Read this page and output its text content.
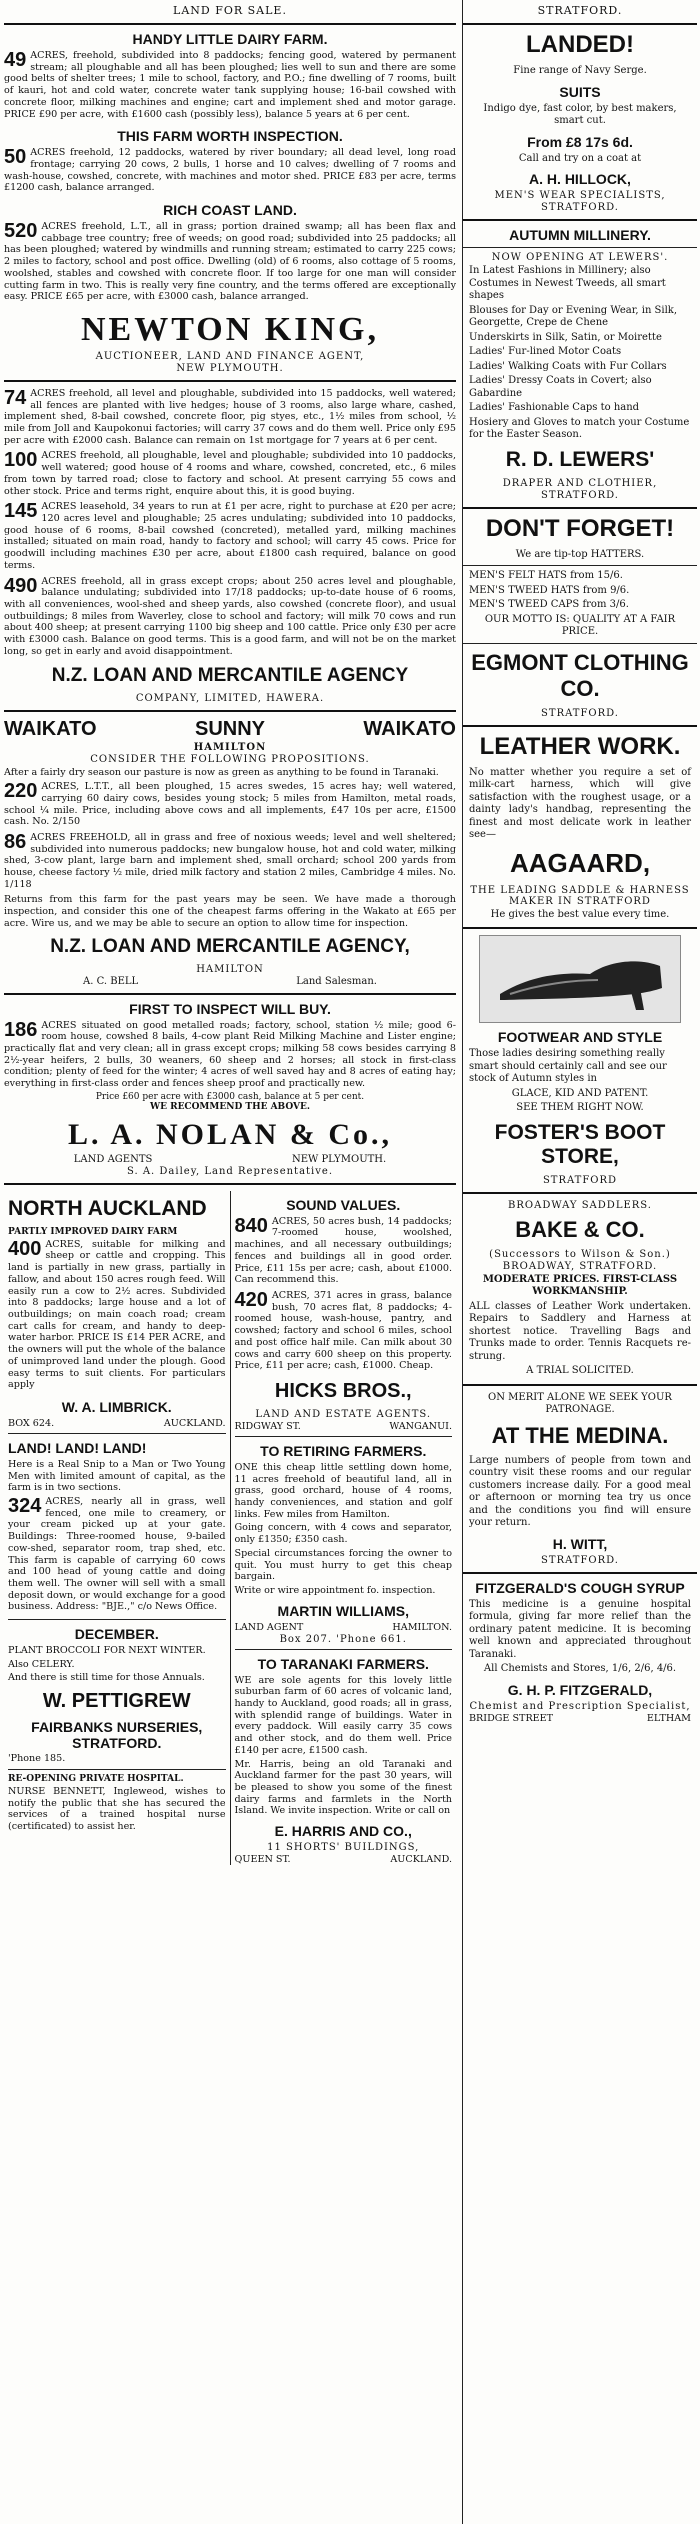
LAND FOR SALE.
HANDY LITTLE DAIRY FARM.

49 ACRES, freehold, subdivided into 8 paddocks; fencing good, watered by permanent stream; all ploughable and all has been ploughed; lies well to sun and there are some good belts of shelter trees; 1 mile to school, factory, and P.O.; fine dwelling of 7 rooms, built of kauri, hot and cold water, concrete water tank supplying house; 16-bail cowshed with concrete floor, milking machines and engine; cart and implement shed and motor garage. PRICE £90 per acre, with £1600 cash (possibly less), balance 5 years at 6 per cent.

THIS FARM WORTH INSPECTION.

50 ACRES freehold, 12 paddocks, watered by river boundary; all dead level, long road frontage; carrying 20 cows, 2 bulls, 1 horse and 10 calves; dwelling of 7 rooms and wash-house, cowshed, concrete, with machines and motor shed. PRICE £83 per acre, terms £1200 cash, balance arranged.

RICH COAST LAND.

520 ACRES freehold, L.T., all in grass; portion drained swamp; all has been flax and cabbage tree country; free of weeds; on good road; subdivided into 25 paddocks; all has been ploughed; watered by windmills and running stream; estimated to carry 225 cows; 2 miles to factory, school and post office. Dwelling (old) of 6 rooms, also cottage of 5 rooms, woolshed, stables and cowshed with concrete floor. If too large for one man will consider cutting farm in two. This is really very fine country, and the terms offered are exceptionally easy. PRICE £65 per acre, with £3000 cash, balance arranged.

NEWTON KING,
AUCTIONEER, LAND AND FINANCE AGENT,
NEW PLYMOUTH.

74 ACRES freehold, all level and ploughable, subdivided into 15 paddocks, well watered; all fences are planted with live hedges; house of 3 rooms, also large whare, cashed, implement shed, 8-bail cowshed, concrete floor, pig styes, etc., 1½ miles from school, ½ mile from Joll and Kaupokonui factories; will carry 37 cows and do them well. Price only £95 per acre with £2000 cash. Balance can remain on 1st mortgage for 7 years at 6 per cent.

100 ACRES freehold, all ploughable, level and ploughable; subdivided into 10 paddocks, well watered; good house of 4 rooms and whare, cowshed, concreted, etc., 6 miles from town by tarred road; close to factory and school. At present carrying 55 cows and other stock. Price and terms right, enquire about this, it is good buying.

145 ACRES leasehold, 34 years to run at £1 per acre, right to purchase at £20 per acre; 120 acres level and ploughable; 25 acres undulating; subdivided into 10 paddocks, good house of 6 rooms, 8-bail cowshed (concreted), metalled yard, milking machines installed; situated on main road, handy to factory and school; will carry 45 cows. Price for goodwill including machines £30 per acre, about £1800 cash required, balance on good terms.

490 ACRES freehold, all in grass except crops; about 250 acres level and ploughable, balance undulating; subdivided into 17/18 paddocks; up-to-date house of 6 rooms, with all conveniences, wool-shed and sheep yards, also cowshed (concrete floor), and usual outbuildings; 8 miles from Waverley, close to school and factory; will milk 70 cows and run about 400 sheep; at present carrying 1100 big sheep and 100 cattle. Price only £30 per acre with £3000 cash. Balance on good terms. This is a good farm, and will not be on the market long, so get in early and avoid disappointment.

N.Z. LOAN AND MERCANTILE AGENCY
COMPANY, LIMITED, HAWERA.
WAIKATO	SUNNY	WAIKATO
HAMILTON
CONSIDER THE FOLLOWING PROPOSITIONS.

After a fairly dry season our pasture is now as green as anything to be found in Taranaki.

220 ACRES, L.T.T., all been ploughed, 15 acres swedes, 15 acres hay; well watered, carrying 60 dairy cows, besides young stock; 5 miles from Hamilton, metal roads, school ¼ mile. Price, including above cows and all implements, £47 10s per acre, £1500 cash. No. 2/150

86 ACRES FREEHOLD, all in grass and free of noxious weeds; level and well sheltered; subdivided into numerous paddocks; new bungalow house, hot and cold water, milking shed, 3-cow plant, large barn and implement shed, small orchard; school 200 yards from house, cheese factory ½ mile, dried milk factory and station 2 miles, Cambridge 4 miles. No. 1/118

Returns from this farm for the past years may be seen. We have made a thorough inspection, and consider this one of the cheapest farms offering in the Wakato at £65 per acre. Wire us, and we may be able to secure an option to allow time for inspection.

N.Z. LOAN AND MERCANTILE AGENCY,
HAMILTON
A. C. BELL	Land Salesman.
FIRST TO INSPECT WILL BUY.

186 ACRES situated on good metalled roads; factory, school, station ½ mile; good 6-room house, cowshed 8 bails, 4-cow plant Reid Milking Machine and Lister engine; practically flat and very clean; all in grass except crops; milking 58 cows besides carrying 8 2½-year heifers, 2 bulls, 30 weaners, 60 sheep and 2 horses; all stock in first-class condition; plenty of feed for the winter; 4 acres of well saved hay and 8 acres of eating hay; everything in first-class order and fences sheep proof and practically new.

Price £60 per acre with £3000 cash, balance at 5 per cent.
WE RECOMMEND THE ABOVE.
L. A. NOLAN & Co.,
LAND AGENTS	NEW PLYMOUTH.
S. A. Dailey, Land Representative.
NORTH AUCKLAND
PARTLY IMPROVED DAIRY FARM

400 ACRES, suitable for milking and sheep or cattle and cropping. This land is partially in new grass, partially in fallow, and about 150 acres rough feed. Will easily run a cow to 2½ acres. Subdivided into 8 paddocks; large house and a lot of outbuildings; on main coach road; cream cart calls for cream, and handy to deep-water harbor. PRICE IS £14 PER ACRE, and the owners will put the whole of the balance of unimproved land under the plough. Good easy terms to suit clients. For particulars apply

W. A. LIMBRICK.
BOX 624.	AUCKLAND.
LAND! LAND! LAND!

Here is a Real Snip to a Man or Two Young Men with limited amount of capital, as the farm is in two sections.

324 ACRES, nearly all in grass, well fenced, one mile to creamery, or your cream picked up at your gate. Buildings: Three-roomed house, 9-bailed cow-shed, separator room, trap shed, etc. This farm is capable of carrying 60 cows and 100 head of young cattle and doing them well. The owner will sell with a small deposit down, or would exchange for a good business. Address: "BJE.," c/o News Office.

DECEMBER.

PLANT BROCCOLI FOR NEXT WINTER.

Also CELERY.

And there is still time for those Annuals.

W. PETTIGREW
FAIRBANKS NURSERIES,
STRATFORD.

'Phone 185.

RE-OPENING PRIVATE HOSPITAL.

NURSE BENNETT, Ingleweod, wishes to notify the public that she has secured the services of a trained hospital nurse (certificated) to assist her.

SOUND VALUES.

840 ACRES, 50 acres bush, 14 paddocks; 7-roomed house, woolshed, machines, and all necessary outbuildings; fences and buildings all in good order. Price, £11 15s per acre; cash, about £1000. Can recommend this.

420 ACRES, 371 acres in grass, balance bush, 70 acres flat, 8 paddocks; 4-roomed house, wash-house, pantry, and cowshed; factory and school 6 miles, school and post office half mile. Can milk about 30 cows and carry 600 sheep on this property. Price, £11 per acre; cash, £1000. Cheap.

HICKS BROS.,
LAND AND ESTATE AGENTS.
RIDGWAY ST.	WANGANUI.
TO RETIRING FARMERS.

ONE this cheap little settling down home, 11 acres freehold of beautiful land, all in grass, good orchard, house of 4 rooms, handy conveniences, and station and golf links. Few miles from Hamilton.

Going concern, with 4 cows and separator, only £1350; £350 cash.

Special circumstances forcing the owner to quit. You must hurry to get this cheap bargain.

Write or wire appointment fo. inspection.

MARTIN WILLIAMS,
LAND AGENT	HAMILTON.
Box 207. 'Phone 661.
TO TARANAKI FARMERS.

WE are sole agents for this lovely little suburban farm of 60 acres of volcanic land, handy to Auckland, good roads; all in grass, with splendid range of buildings. Water in every paddock. Will easily carry 35 cows and other stock, and do them well. Price £140 per acre, £1500 cash.

Mr. Harris, being an old Taranaki and Auckland farmer for the past 30 years, will be pleased to show you some of the finest dairy farms and farmlets in the North Island. We invite inspection. Write or call on

E. HARRIS AND CO.,
11 SHORTS' BUILDINGS,
QUEEN ST.	AUCKLAND.
STRATFORD.
LANDED!
Fine range of Navy Serge.
SUITS
Indigo dye, fast color, by best makers, smart cut.
From £8 17s 6d.
Call and try on a coat at
A. H. HILLOCK,
MEN'S WEAR SPECIALISTS,
STRATFORD.
AUTUMN MILLINERY.
NOW OPENING AT LEWERS'.
In Latest Fashions in Millinery; also Costumes in Newest Tweeds, all smart shapes
Blouses for Day or Evening Wear, in Silk, Georgette, Crepe de Chene
Underskirts in Silk, Satin, or Moirette
Ladies' Fur-lined Motor Coats
Ladies' Walking Coats with Fur Collars
Ladies' Dressy Coats in Covert; also Gabardine
Ladies' Fashionable Caps to hand
Hosiery and Gloves to match your Costume for the Easter Season.
R. D. LEWERS'
DRAPER AND CLOTHIER,
STRATFORD.
DON'T FORGET!
We are tip-top HATTERS.
MEN'S FELT HATS from 15/6.
MEN'S TWEED HATS from 9/6.
MEN'S TWEED CAPS from 3/6.
OUR MOTTO IS: QUALITY AT A FAIR PRICE.
EGMONT CLOTHING CO.
STRATFORD.
LEATHER WORK.
No matter whether you require a set of milk-cart harness, which will give satisfaction with the roughest usage, or a dainty lady's handbag, representing the finest and most delicate work in leather see—
AAGAARD,
THE LEADING SADDLE & HARNESS MAKER IN STRATFORD
He gives the best value every time.
FOOTWEAR AND STYLE
Those ladies desiring something really smart should certainly call and see our stock of Autumn styles in
GLACE, KID AND PATENT.
SEE THEM RIGHT NOW.
FOSTER'S BOOT STORE,
STRATFORD
BROADWAY SADDLERS.
BAKE & CO.
(Successors to Wilson & Son.)
BROADWAY, STRATFORD.
MODERATE PRICES. FIRST-CLASS WORKMANSHIP.
ALL classes of Leather Work undertaken. Repairs to Saddlery and Harness at shortest notice. Travelling Bags and Trunks made to order. Tennis Racquets re-strung.
A TRIAL SOLICITED.
ON MERIT ALONE WE SEEK YOUR PATRONAGE.
AT THE MEDINA.
Large numbers of people from town and country visit these rooms and our regular customers increase daily. For a good meal or afternoon or morning tea try us once and the conditions you find will ensure your return.
H. WITT,
STRATFORD.
FITZGERALD'S COUGH SYRUP
This medicine is a genuine hospital formula, giving far more relief than the ordinary patent medicine. It is becoming well known and appreciated throughout Taranaki.
All Chemists and Stores, 1/6, 2/6, 4/6.
G. H. P. FITZGERALD,
Chemist and Prescription Specialist,
BRIDGE STREET	ELTHAM
